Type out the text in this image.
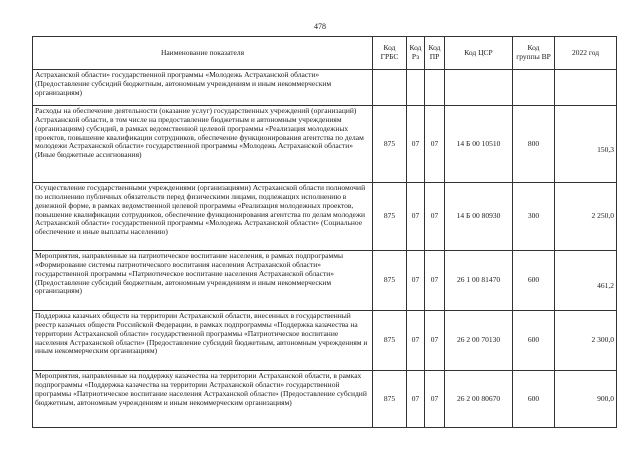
478
Наименование показателя	Код ГРБС	Код Рз	Код ПР	Код ЦСР	Код группы ВР	2022 год
Астраханской области» государственной программы «Молодежь Астраханской области» (Предоставление субсидий бюджетным, автономным учреждениям и иным некоммерческим организациям)						
Расходы на обеспечение деятельности (оказание услуг) государственных учреждений (организаций) Астраханской области, в том числе на предоставление бюджетным и автономным учреждениям (организациям) субсидий, в рамках ведомственной целевой программы «Реализация молодежных проектов, повышение квалификации сотрудников, обеспечение функционирования агентства по делам молодежи Астраханской области» государственной программы «Молодежь Астраханской области» (Иные бюджетные ассигнования)	875	07	07	14 Б 00 10510	800	150,3
Осуществление государственными учреждениями (организациями) Астраханской области полномочий по исполнению публичных обязательств перед физическими лицами, подлежащих исполнению в денежной форме, в рамках ведомственной целевой программы «Реализация молодежных проектов, повышение квалификации сотрудников, обеспечение функционирования агентства по делам молодежи Астраханской области» государственной программы «Молодежь Астраханской области» (Социальное обеспечение и иные выплаты населению)	875	07	07	14 Б 00 80930	300	2 250,0
Мероприятия, направленные на патриотическое воспитание населения, в рамках подпрограммы «Формирование системы патриотического воспитания населения Астраханской области» государственной программы «Патриотическое воспитание населения Астраханской области» (Предоставление субсидий бюджетным, автономным учреждениям и иным некоммерческим организациям)	875	07	07	26 1 00 81470	600	461,2
Поддержка казачьих обществ на территории Астраханской области, внесенных в государственный реестр казачьих обществ Российской Федерации, в рамках подпрограммы «Поддержка казачества на территории Астраханской области» государственной программы «Патриотическое воспитание населения Астраханской области» (Предоставление субсидий бюджетным, автономным учреждениям и иным некоммерческим организациям)	875	07	07	26 2 00 70130	600	2 300,0
Мероприятия, направленные на поддержку казачества на территории Астраханской области, в рамках подпрограммы «Поддержка казачества на территории Астраханской области» государственной программы «Патриотическое воспитание населения Астраханской области» (Предоставление субсидий бюджетным, автономным учреждениям и иным некоммерческим организациям)	875	07	07	26 2 00 80670	600	900,0
